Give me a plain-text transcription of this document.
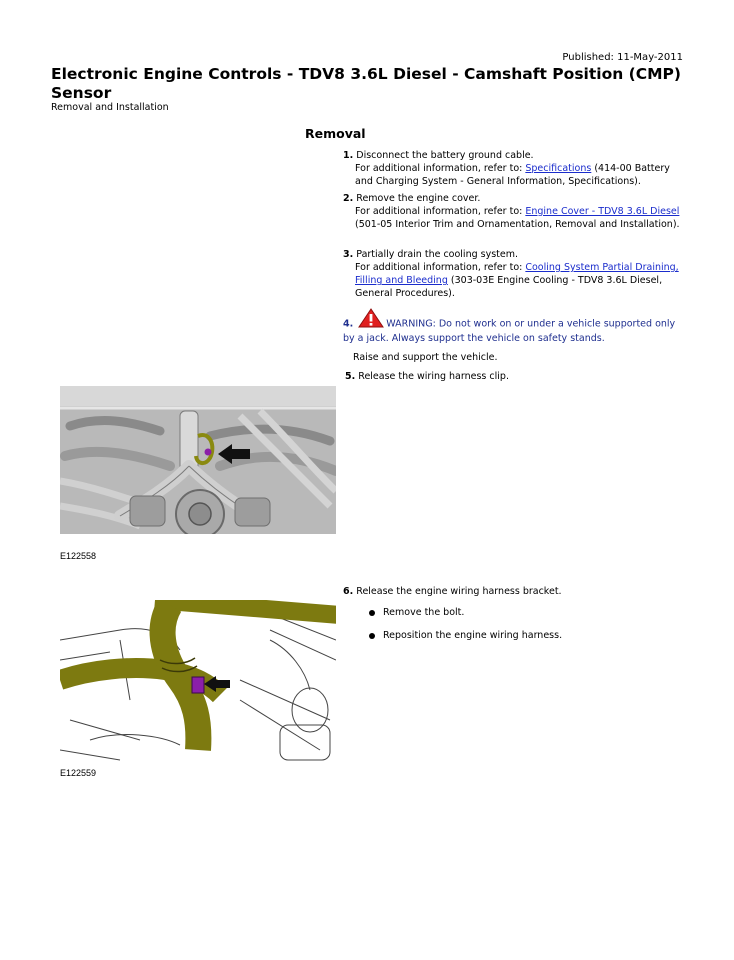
Published: 11-May-2011
Electronic Engine Controls - TDV8 3.6L Diesel - Camshaft Position (CMP) Sensor
Removal and Installation
Removal
1. Disconnect the battery ground cable.
For additional information, refer to: Specifications (414-00 Battery and Charging System - General Information, Specifications).
2. Remove the engine cover.
For additional information, refer to: Engine Cover - TDV8 3.6L Diesel (501-05 Interior Trim and Ornamentation, Removal and Installation).
3. Partially drain the cooling system.
For additional information, refer to: Cooling System Partial Draining, Filling and Bleeding (303-03E Engine Cooling - TDV8 3.6L Diesel, General Procedures).
4.	WARNING: Do not work on or under a vehicle supported only by a jack. Always support the vehicle on safety stands.
Raise and support the vehicle.
5. Release the wiring harness clip.
E122558
6. Release the engine wiring harness bracket.
Remove the bolt.
Reposition the engine wiring harness.
E122559
